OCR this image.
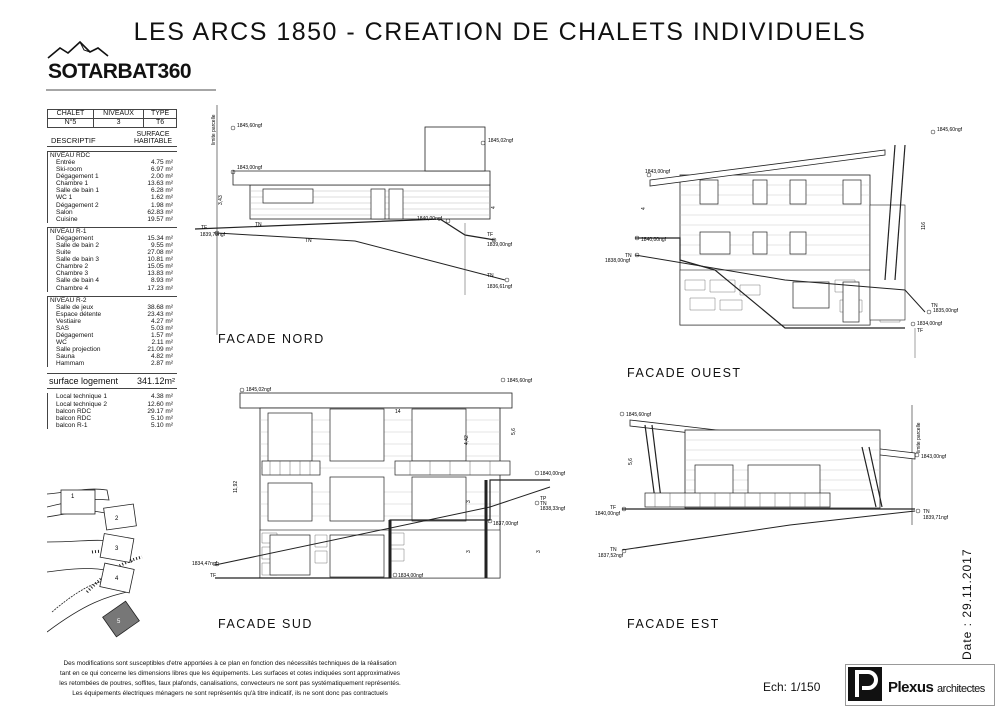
LES ARCS 1850 - CREATION DE CHALETS INDIVIDUELS
SOTARBAT360
CHALET	NIVEAUX	TYPE
N°5	3	T6
DESCRIPTIF
SURFACE HABITABLE
NIVEAU RDC
Entrée	4.75 m²
Ski-room	6.97 m²
Dégagement 1	2.00 m²
Chambre 1	13.63 m²
Salle de bain 1	6.28 m²
WC 1	1.62 m²
Dégagement 2	1.98 m²
Salon	62.83 m²
Cuisine	19.57 m²
NIVEAU R-1
Dégagement	15.34 m²
Salle de bain 2	9.55 m²
Suite	27.08 m²
Salle de bain 3	10.81 m²
Chambre 2	15.05 m²
Chambre 3	13.83 m²
Salle de bain 4	8.93 m²
Chambre 4	17.23 m²
NIVEAU R-2
Salle de jeux	38.68 m²
Espace détente	23.43 m²
Vestiaire	4.27 m²
SAS	5.03 m²
Dégagement	1.57 m²
WC	2.11 m²
Salle projection	21.09 m²
Sauna	4.82 m²
Hammam	2.87 m²
surface logement 341.12m²
Local technique 1	4.38 m²
Local technique 2	12.60 m²
balcon RDC	29.17 m²
balcon RDC	5.10 m²
balcon R-1	5.10 m²
1
2
3
4
5
limite parcelle	1845,60ngf
1845,02ngf
1843,00ngf
1840,00ngf
1839,00ngf
1839,78ngf
1836,61ngf
3,43
4
TF	TN
TN
TF
TN
FACADE NORD
1845,60ngf
1843,00ngf
1840,00ngf
1838,00ngf
1835,00ngf
1834,00ngf
4
116
TN
TN
TF
FACADE OUEST
1845,02ngf
1845,60ngf
1840,00ngf
1838,33ngf
1837,00ngf
1834,47ngf
1834,00ngf
14
4,42
5,6
3
3
11,92
3
TP
TN
TF
FACADE SUD
limite parcelle
1845,60ngf
1843,00ngf
1840,00ngf
1839,71ngf
1837,52ngf
5,6
TF
TN
TN
FACADE EST	Date : 29.11.2017
Des modifications sont susceptibles d'etre apportées à ce plan en fonction des nécessités techniques de la réalisation
tant en ce qui concerne les dimensions libres que les équipements. Les surfaces et cotes indiquées sont approximatives
les retombées de poutres, soffites, faux plafonds, canalisations, convecteurs ne sont pas systématiquement représentés.
Les équipements électriques ménagers ne sont représentés qu'à titre indicatif, ils ne sont donc pas contractuels	Ech: 1/150	Plexus architectes
